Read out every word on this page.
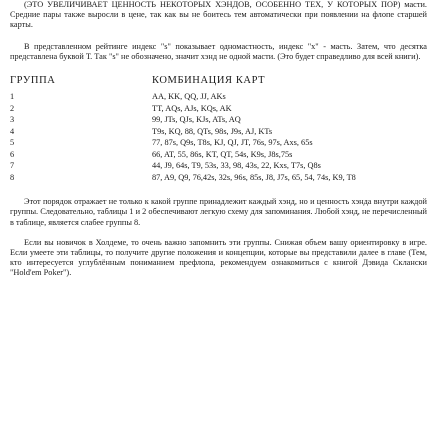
(ЭТО УВЕЛИЧИВАЕТ ЦЕННОСТЬ НЕКОТОРЫХ ХЭНДОВ, ОСОБЕННО ТЕХ, У КОТОРЫХ ПОР) масти. Средние пары также выросли в цене, так как вы не боитесь тем автоматически при появлении на флопе старшей карты.

В представленном рейтинге индекс "s" показывает одномастность, индекс "x" - масть. Затем, что десятка представлена буквой Т. Так "s" не обозначено, значит хэнд не одной масти. (Это будет справедливо для всей книги).

ГРУППА	КОМБИНАЦИЯ КАРТ
1	AA, KK, QQ, JJ, AKs
2	TT, AQs, AJs, KQs, AK
3	99, JTs, QJs, KJs, ATs, AQ
4	T9s, KQ, 88, QTs, 98s, J9s, AJ, KTs
5	77, 87s, Q9s, T8s, KJ, QJ, JT, 76s, 97s, Axs, 65s
6	66, AT, 55, 86s, KT, QT, 54s, K9s, J8s,75s
7	44, J9, 64s, T9, 53s, 33, 98, 43s, 22, Kxs, T7s, Q8s
8	87, A9, Q9, 76,42s, 32s, 96s, 85s, J8, J7s, 65, 54, 74s, K9, T8

Этот порядок отражает не только к какой группе принадлежит каждый хэнд, но и ценность хэнда внутри каждой группы. Следовательно, таблицы 1 и 2 обеспечивают легкую схему для запоминания. Любой хэнд, не перечисленный в таблице, является слабее группы 8.

Если вы новичок в Холдеме, то очень важно запомнить эти группы. Снижая объем вашу ориентировку в игре. Если умеете эти таблицы, то получите другие положения и концепции, которые вы представили далее в главе (Тем, кто интересуется углублённым пониманием префлопа, рекомендуем ознакомиться с книгой Дэвида Склански "Hold'em Poker").
